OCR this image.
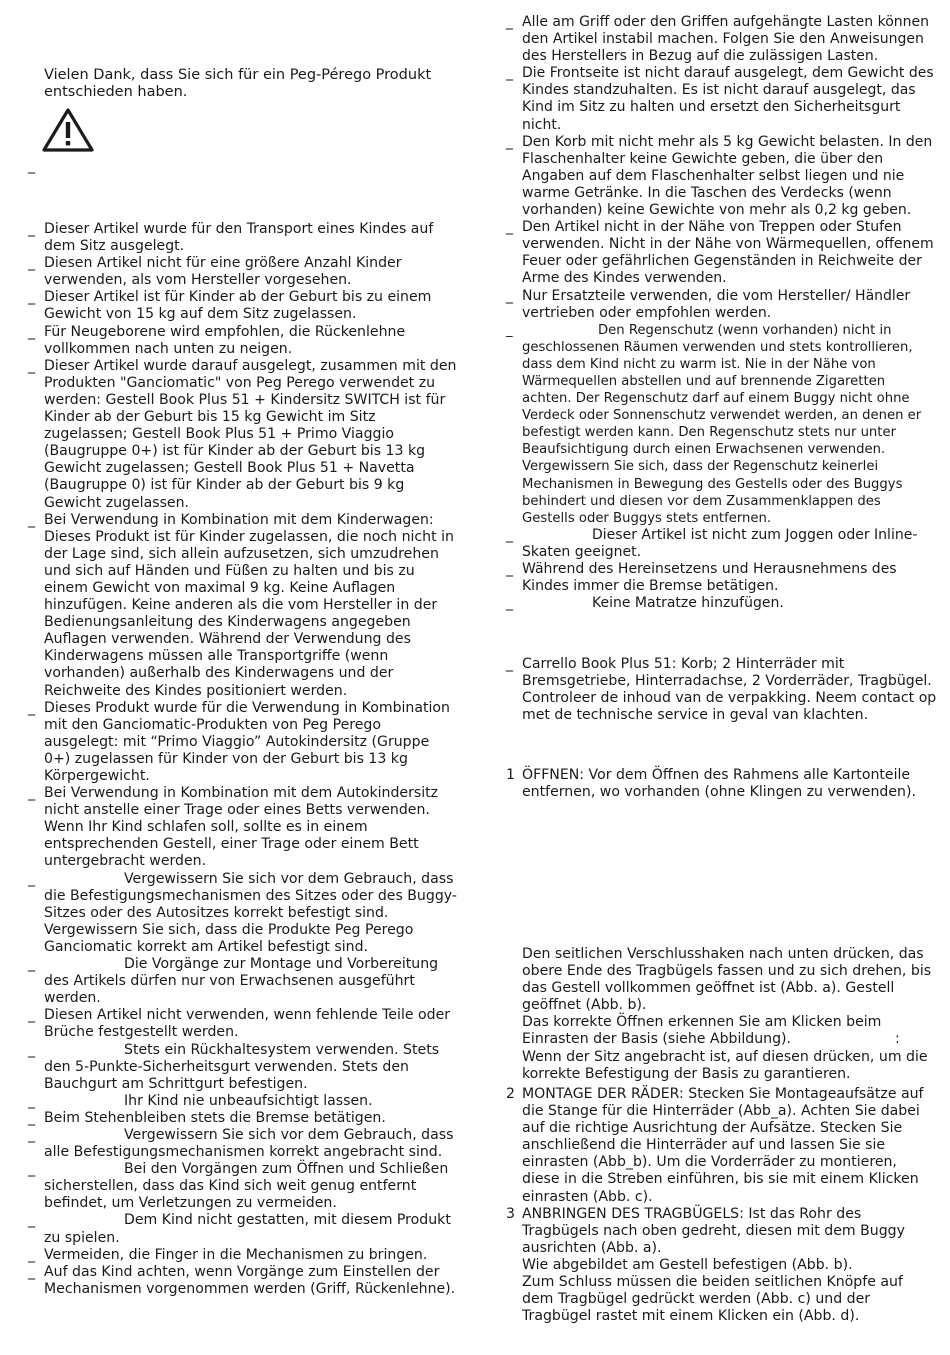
Vielen Dank, dass Sie sich für ein Peg-Pérego Produkt entschieden haben.
_
_ Dieser Artikel wurde für den Transport eines Kindes auf dem Sitz ausgelegt.
_ Diesen Artikel nicht für eine größere Anzahl Kinder verwenden, als vom Hersteller vorgesehen.
_ Dieser Artikel ist für Kinder ab der Geburt bis zu einem Gewicht von 15 kg auf dem Sitz zugelassen.
_ Für Neugeborene wird empfohlen, die Rückenlehne vollkommen nach unten zu neigen.
_ Dieser Artikel wurde darauf ausgelegt, zusammen mit den Produkten "Ganciomatic" von Peg Perego verwendet zu werden: Gestell Book Plus 51 + Kindersitz SWITCH ist für Kinder ab der Geburt bis 15 kg Gewicht im Sitz zugelassen; Gestell Book Plus 51 + Primo Viaggio (Baugruppe 0+) ist für Kinder ab der Geburt bis 13 kg Gewicht zugelassen; Gestell Book Plus 51 + Navetta (Baugruppe 0) ist für Kinder ab der Geburt bis 9 kg Gewicht zugelassen.
_ Bei Verwendung in Kombination mit dem Kinderwagen: Dieses Produkt ist für Kinder zugelassen, die noch nicht in der Lage sind, sich allein aufzusetzen, sich umzudrehen und sich auf Händen und Füßen zu halten und bis zu einem Gewicht von maximal 9 kg. Keine Auflagen hinzufügen. Keine anderen als die vom Hersteller in der Bedienungsanleitung des Kinderwagens angegeben Auflagen verwenden. Während der Verwendung des Kinderwagens müssen alle Transportgriffe (wenn vorhanden) außerhalb des Kinderwagens und der Reichweite des Kindes positioniert werden.
_ Dieses Produkt wurde für die Verwendung in Kombination mit den Ganciomatic-Produkten von Peg Perego ausgelegt: mit “Primo Viaggio” Autokindersitz (Gruppe 0+) zugelassen für Kinder von der Geburt bis 13 kg Körpergewicht.
_ Bei Verwendung in Kombination mit dem Autokindersitz nicht anstelle einer Trage oder eines Betts verwenden.
Wenn Ihr Kind schlafen soll, sollte es in einem entsprechenden Gestell, einer Trage oder einem Bett untergebracht werden.
_ Vergewissern Sie sich vor dem Gebrauch, dass die Befestigungsmechanismen des Sitzes oder des Buggy-Sitzes oder des Autositzes korrekt befestigt sind. Vergewissern Sie sich, dass die Produkte Peg Perego Ganciomatic korrekt am Artikel befestigt sind.
_ Die Vorgänge zur Montage und Vorbereitung des Artikels dürfen nur von Erwachsenen ausgeführt werden.
_ Diesen Artikel nicht verwenden, wenn fehlende Teile oder Brüche festgestellt werden.
_ Stets ein Rückhaltesystem verwenden. Stets den 5-Punkte-Sicherheitsgurt verwenden. Stets den Bauchgurt am Schrittgurt befestigen.
_ Ihr Kind nie unbeaufsichtigt lassen.
_ Beim Stehenbleiben stets die Bremse betätigen.
_ Vergewissern Sie sich vor dem Gebrauch, dass alle Befestigungsmechanismen korrekt angebracht sind.
_ Bei den Vorgängen zum Öffnen und Schließen sicherstellen, dass das Kind sich weit genug entfernt befindet, um Verletzungen zu vermeiden.
_ Dem Kind nicht gestatten, mit diesem Produkt zu spielen.
_ Vermeiden, die Finger in die Mechanismen zu bringen.
_ Auf das Kind achten, wenn Vorgänge zum Einstellen der Mechanismen vorgenommen werden (Griff, Rückenlehne).
_ Alle am Griff oder den Griffen aufgehängte Lasten können den Artikel instabil machen. Folgen Sie den Anweisungen des Herstellers in Bezug auf die zulässigen Lasten.
_ Die Frontseite ist nicht darauf ausgelegt, dem Gewicht des Kindes standzuhalten. Es ist nicht darauf ausgelegt, das Kind im Sitz zu halten und ersetzt den Sicherheitsgurt nicht.
_ Den Korb mit nicht mehr als 5 kg Gewicht belasten. In den Flaschenhalter keine Gewichte geben, die über den Angaben auf dem Flaschenhalter selbst liegen und nie warme Getränke. In die Taschen des Verdecks (wenn vorhanden) keine Gewichte von mehr als 0,2 kg geben.
_ Den Artikel nicht in der Nähe von Treppen oder Stufen verwenden. Nicht in der Nähe von Wärmequellen, offenem Feuer oder gefährlichen Gegenständen in Reichweite der Arme des Kindes verwenden.
_ Nur Ersatzteile verwenden, die vom Hersteller/ Händler vertrieben oder empfohlen werden.
_ Den Regenschutz (wenn vorhanden) nicht in geschlossenen Räumen verwenden und stets kontrollieren, dass dem Kind nicht zu warm ist. Nie in der Nähe von Wärmequellen abstellen und auf brennende Zigaretten achten. Der Regenschutz darf auf einem Buggy nicht ohne Verdeck oder Sonnenschutz verwendet werden, an denen er befestigt werden kann. Den Regenschutz stets nur unter Beaufsichtigung durch einen Erwachsenen verwenden. Vergewissern Sie sich, dass der Regenschutz keinerlei Mechanismen in Bewegung des Gestells oder des Buggys behindert und diesen vor dem Zusammenklappen des Gestells oder Buggys stets entfernen.
_ Dieser Artikel ist nicht zum Joggen oder Inline-Skaten geeignet.
_ Während des Hereinsetzens und Herausnehmens des Kindes immer die Bremse betätigen.
_ Keine Matratze hinzufügen.
_ Carrello Book Plus 51: Korb; 2 Hinterräder mit Bremsgetriebe, Hinterradachse, 2 Vorderräder, Tragbügel. Controleer de inhoud van de verpakking. Neem contact op met de technische service in geval van klachten.
1 ÖFFNEN: Vor dem Öffnen des Rahmens alle Kartonteile entfernen, wo vorhanden (ohne Klingen zu verwenden).

Den seitlichen Verschlusshaken nach unten drücken, das obere Ende des Tragbügels fassen und zu sich drehen, bis das Gestell vollkommen geöffnet ist (Abb. a). Gestell geöffnet (Abb. b).

Das korrekte Öffnen erkennen Sie am Klicken beim Einrasten der Basis (siehe Abbildung).	:

Wenn der Sitz angebracht ist, auf diesen drücken, um die korrekte Befestigung der Basis zu garantieren.

2 MONTAGE DER RÄDER: Stecken Sie Montageaufsätze auf die Stange für die Hinterräder (Abb_a). Achten Sie dabei auf die richtige Ausrichtung der Aufsätze. Stecken Sie anschließend die Hinterräder auf und lassen Sie sie einrasten (Abb_b). Um die Vorderräder zu montieren, diese in die Streben einführen, bis sie mit einem Klicken einrasten (Abb. c).
3 ANBRINGEN DES TRAGBÜGELS: Ist das Rohr des Tragbügels nach oben gedreht, diesen mit dem Buggy ausrichten (Abb. a).
Wie abgebildet am Gestell befestigen (Abb. b).
Zum Schluss müssen die beiden seitlichen Knöpfe auf dem Tragbügel gedrückt werden (Abb. c) und der Tragbügel rastet mit einem Klicken ein (Abb. d).
